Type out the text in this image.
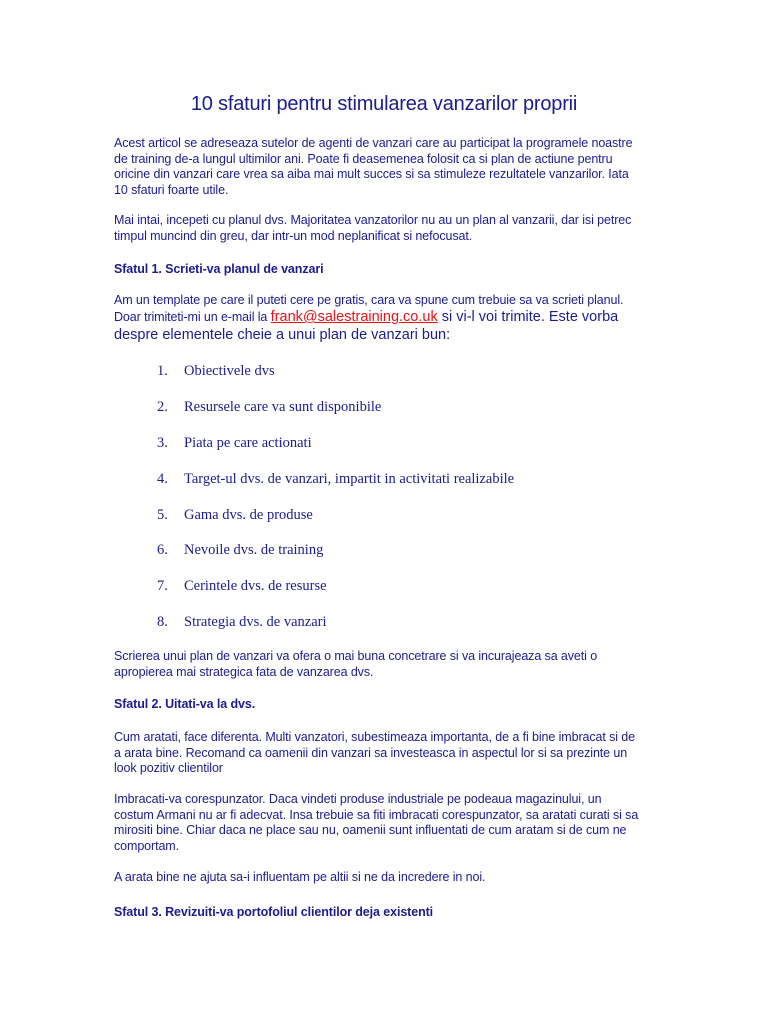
10 sfaturi pentru stimularea vanzarilor proprii
Acest articol se adreseaza sutelor de agenti de vanzari care au participat la programele noastre
de training de-a lungul ultimilor ani. Poate fi deasemenea folosit ca si plan de actiune pentru
oricine din vanzari care vrea sa aiba mai mult succes si sa stimuleze rezultatele vanzarilor. Iata
10 sfaturi foarte utile.
Mai intai, incepeti cu planul dvs. Majoritatea vanzatorilor nu au un plan al vanzarii, dar isi petrec
timpul muncind din greu, dar intr-un mod neplanificat si nefocusat.
Sfatul 1. Scrieti-va planul de vanzari
Am un template pe care il puteti cere pe gratis, cara va spune cum trebuie sa va scrieti planul.
Doar trimiteti-mi un e-mail la frank@salestraining.co.uk si vi-l voi trimite. Este vorba
despre elementele cheie a unui plan de vanzari bun:
1. Obiectivele dvs
2. Resursele care va sunt disponibile
3. Piata pe care actionati
4. Target-ul dvs. de vanzari, impartit in activitati realizabile
5. Gama dvs. de produse
6. Nevoile dvs. de training
7. Cerintele dvs. de resurse
8. Strategia dvs. de vanzari
Scrierea unui plan de vanzari va ofera o mai buna concetrare si va incurajeaza sa aveti o
apropierea mai strategica fata de vanzarea dvs.
Sfatul 2. Uitati-va la dvs.
Cum aratati, face diferenta. Multi vanzatori, subestimeaza importanta, de a fi bine imbracat si de
a arata bine. Recomand ca oamenii din vanzari sa investeasca in aspectul lor si sa prezinte un
look pozitiv clientilor
Imbracati-va corespunzator. Daca vindeti produse industriale pe podeaua magazinului, un
costum Armani nu ar fi adecvat. Insa trebuie sa fiti imbracati corespunzator, sa aratati curati si sa
mirositi bine. Chiar daca ne place sau nu, oamenii sunt influentati de cum aratam si de cum ne
comportam.
A arata bine ne ajuta sa-i influentam pe altii si ne da incredere in noi.
Sfatul 3. Revizuiti-va portofoliul clientilor deja existenti
